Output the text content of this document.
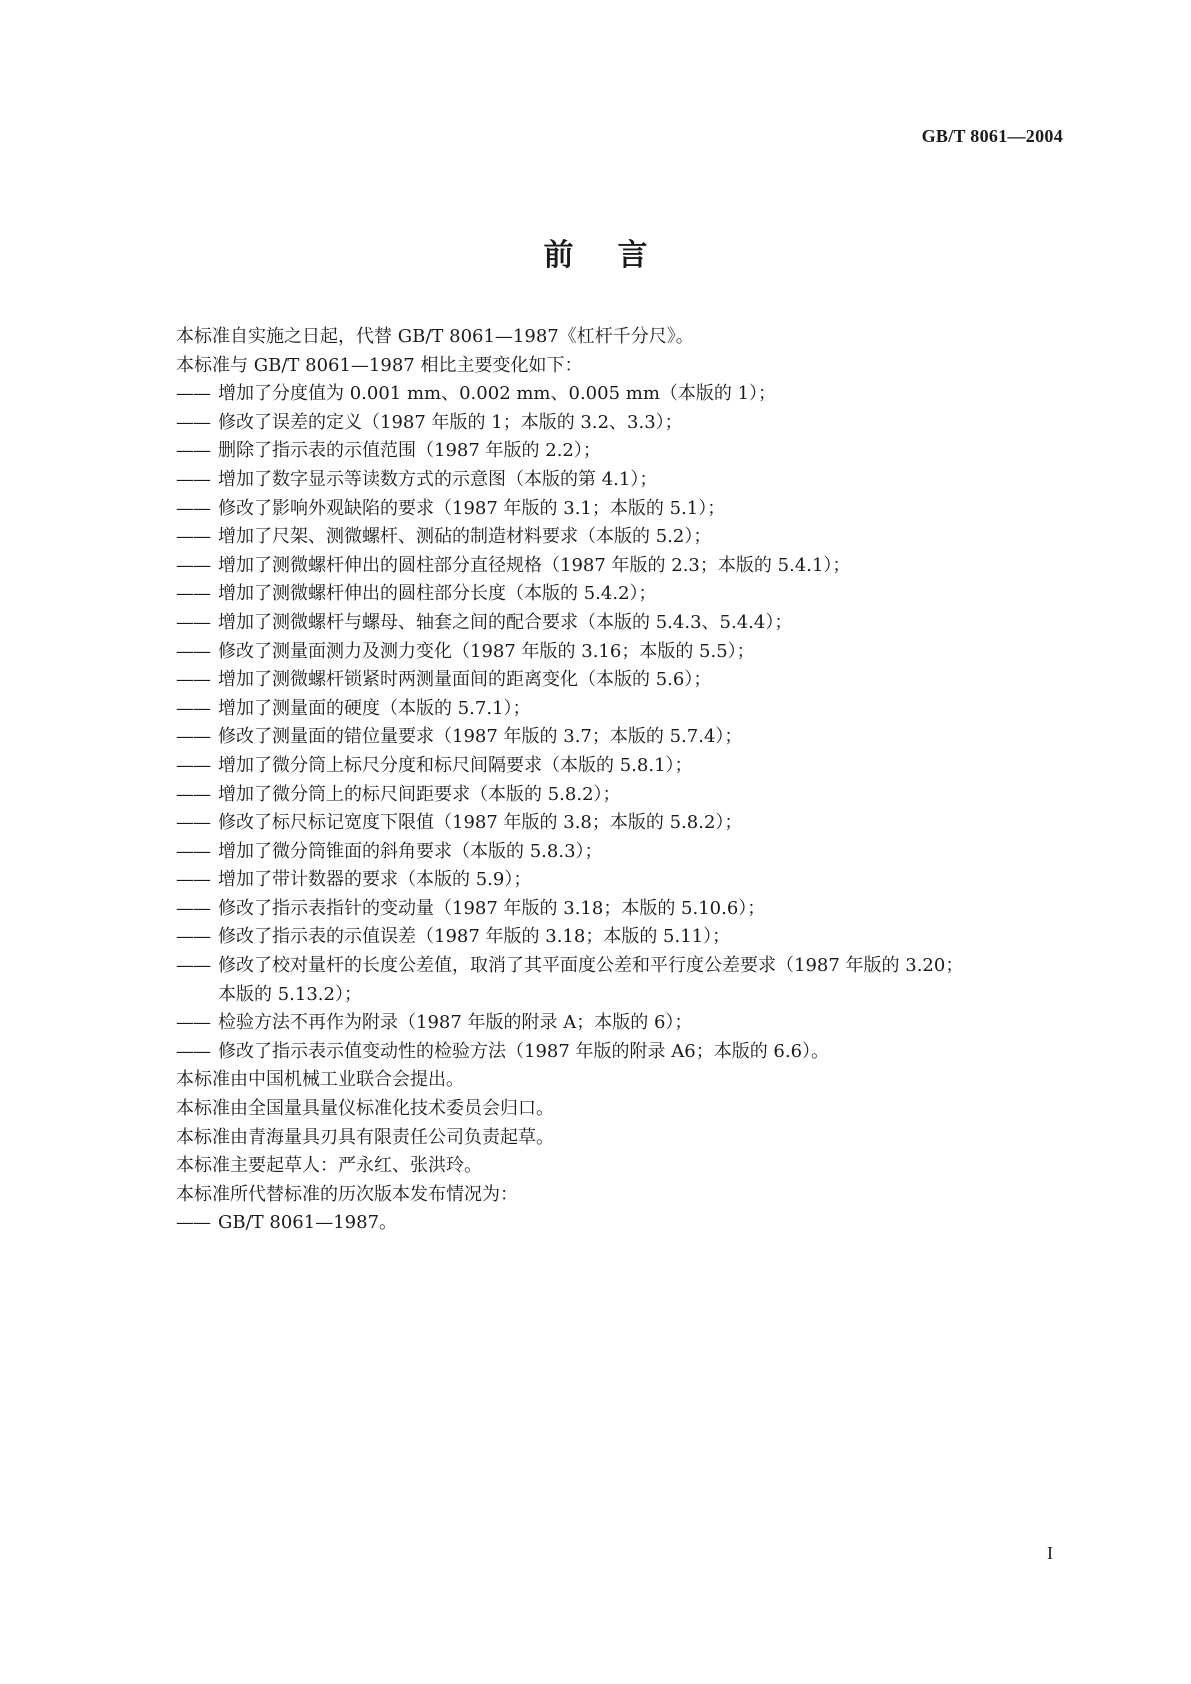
GB/T 8061—2004
前言
本标准自实施之日起，代替 GB/T 8061—1987《杠杆千分尺》。
本标准与 GB/T 8061—1987 相比主要变化如下：
—— 增加了分度值为 0.001 mm、0.002 mm、0.005 mm（本版的 1）；
—— 修改了误差的定义（1987 年版的 1；本版的 3.2、3.3）；
—— 删除了指示表的示值范围（1987 年版的 2.2）；
—— 增加了数字显示等读数方式的示意图（本版的第 4.1）；
—— 修改了影响外观缺陷的要求（1987 年版的 3.1；本版的 5.1）；
—— 增加了尺架、测微螺杆、测砧的制造材料要求（本版的 5.2）；
—— 增加了测微螺杆伸出的圆柱部分直径规格（1987 年版的 2.3；本版的 5.4.1）；
—— 增加了测微螺杆伸出的圆柱部分长度（本版的 5.4.2）；
—— 增加了测微螺杆与螺母、轴套之间的配合要求（本版的 5.4.3、5.4.4）；
—— 修改了测量面测力及测力变化（1987 年版的 3.16；本版的 5.5）；
—— 增加了测微螺杆锁紧时两测量面间的距离变化（本版的 5.6）；
—— 增加了测量面的硬度（本版的 5.7.1）；
—— 修改了测量面的错位量要求（1987 年版的 3.7；本版的 5.7.4）；
—— 增加了微分筒上标尺分度和标尺间隔要求（本版的 5.8.1）；
—— 增加了微分筒上的标尺间距要求（本版的 5.8.2）；
—— 修改了标尺标记宽度下限值（1987 年版的 3.8；本版的 5.8.2）；
—— 增加了微分筒锥面的斜角要求（本版的 5.8.3）；
—— 增加了带计数器的要求（本版的 5.9）；
—— 修改了指示表指针的变动量（1987 年版的 3.18；本版的 5.10.6）；
—— 修改了指示表的示值误差（1987 年版的 3.18；本版的 5.11）；
—— 修改了校对量杆的长度公差值，取消了其平面度公差和平行度公差要求（1987 年版的 3.20；
本版的 5.13.2）；
—— 检验方法不再作为附录（1987 年版的附录 A；本版的 6）；
—— 修改了指示表示值变动性的检验方法（1987 年版的附录 A6；本版的 6.6）。
本标准由中国机械工业联合会提出。
本标准由全国量具量仪标准化技术委员会归口。
本标准由青海量具刃具有限责任公司负责起草。
本标准主要起草人：严永红、张洪玲。
本标准所代替标准的历次版本发布情况为：
—— GB/T 8061—1987。
I
